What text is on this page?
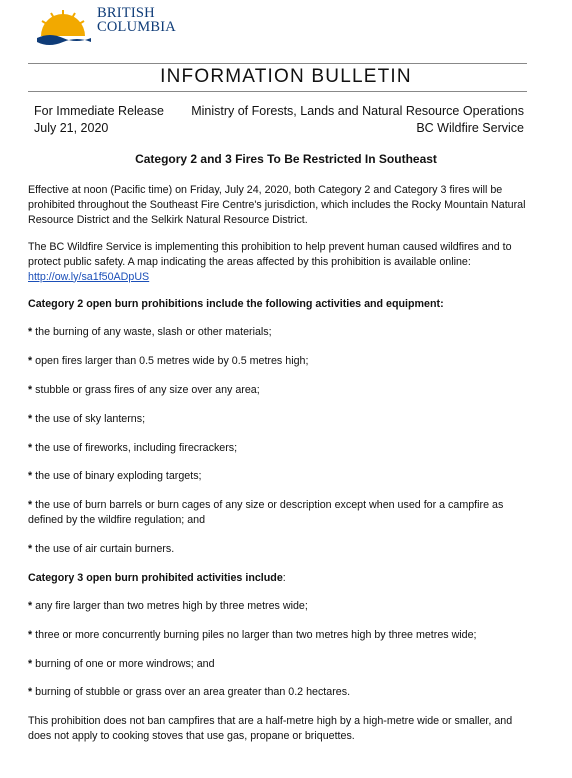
BRITISH
COLUMBIA
INFORMATION BULLETIN
For Immediate Release
July 21, 2020
Ministry of Forests, Lands and Natural Resource Operations
BC Wildfire Service
Category 2 and 3 Fires To Be Restricted In Southeast

Effective at noon (Pacific time) on Friday, July 24, 2020, both Category 2 and Category 3 fires will be prohibited throughout the Southeast Fire Centre's jurisdiction, which includes the Rocky Mountain Natural Resource District and the Selkirk Natural Resource District.

The BC Wildfire Service is implementing this prohibition to help prevent human caused wildfires and to protect public safety. A map indicating the areas affected by this prohibition is available online: http://ow.ly/sa1f50ADpUS

Category 2 open burn prohibitions include the following activities and equipment:

* the burning of any waste, slash or other materials;

* open fires larger than 0.5 metres wide by 0.5 metres high;

* stubble or grass fires of any size over any area;

* the use of sky lanterns;

* the use of fireworks, including firecrackers;

* the use of binary exploding targets;

* the use of burn barrels or burn cages of any size or description except when used for a campfire as defined by the wildfire regulation; and

* the use of air curtain burners.

Category 3 open burn prohibited activities include:

* any fire larger than two metres high by three metres wide;

* three or more concurrently burning piles no larger than two metres high by three metres wide;

* burning of one or more windrows; and

* burning of stubble or grass over an area greater than 0.2 hectares.

This prohibition does not ban campfires that are a half-metre high by a high-metre wide or smaller, and does not apply to cooking stoves that use gas, propane or briquettes.
